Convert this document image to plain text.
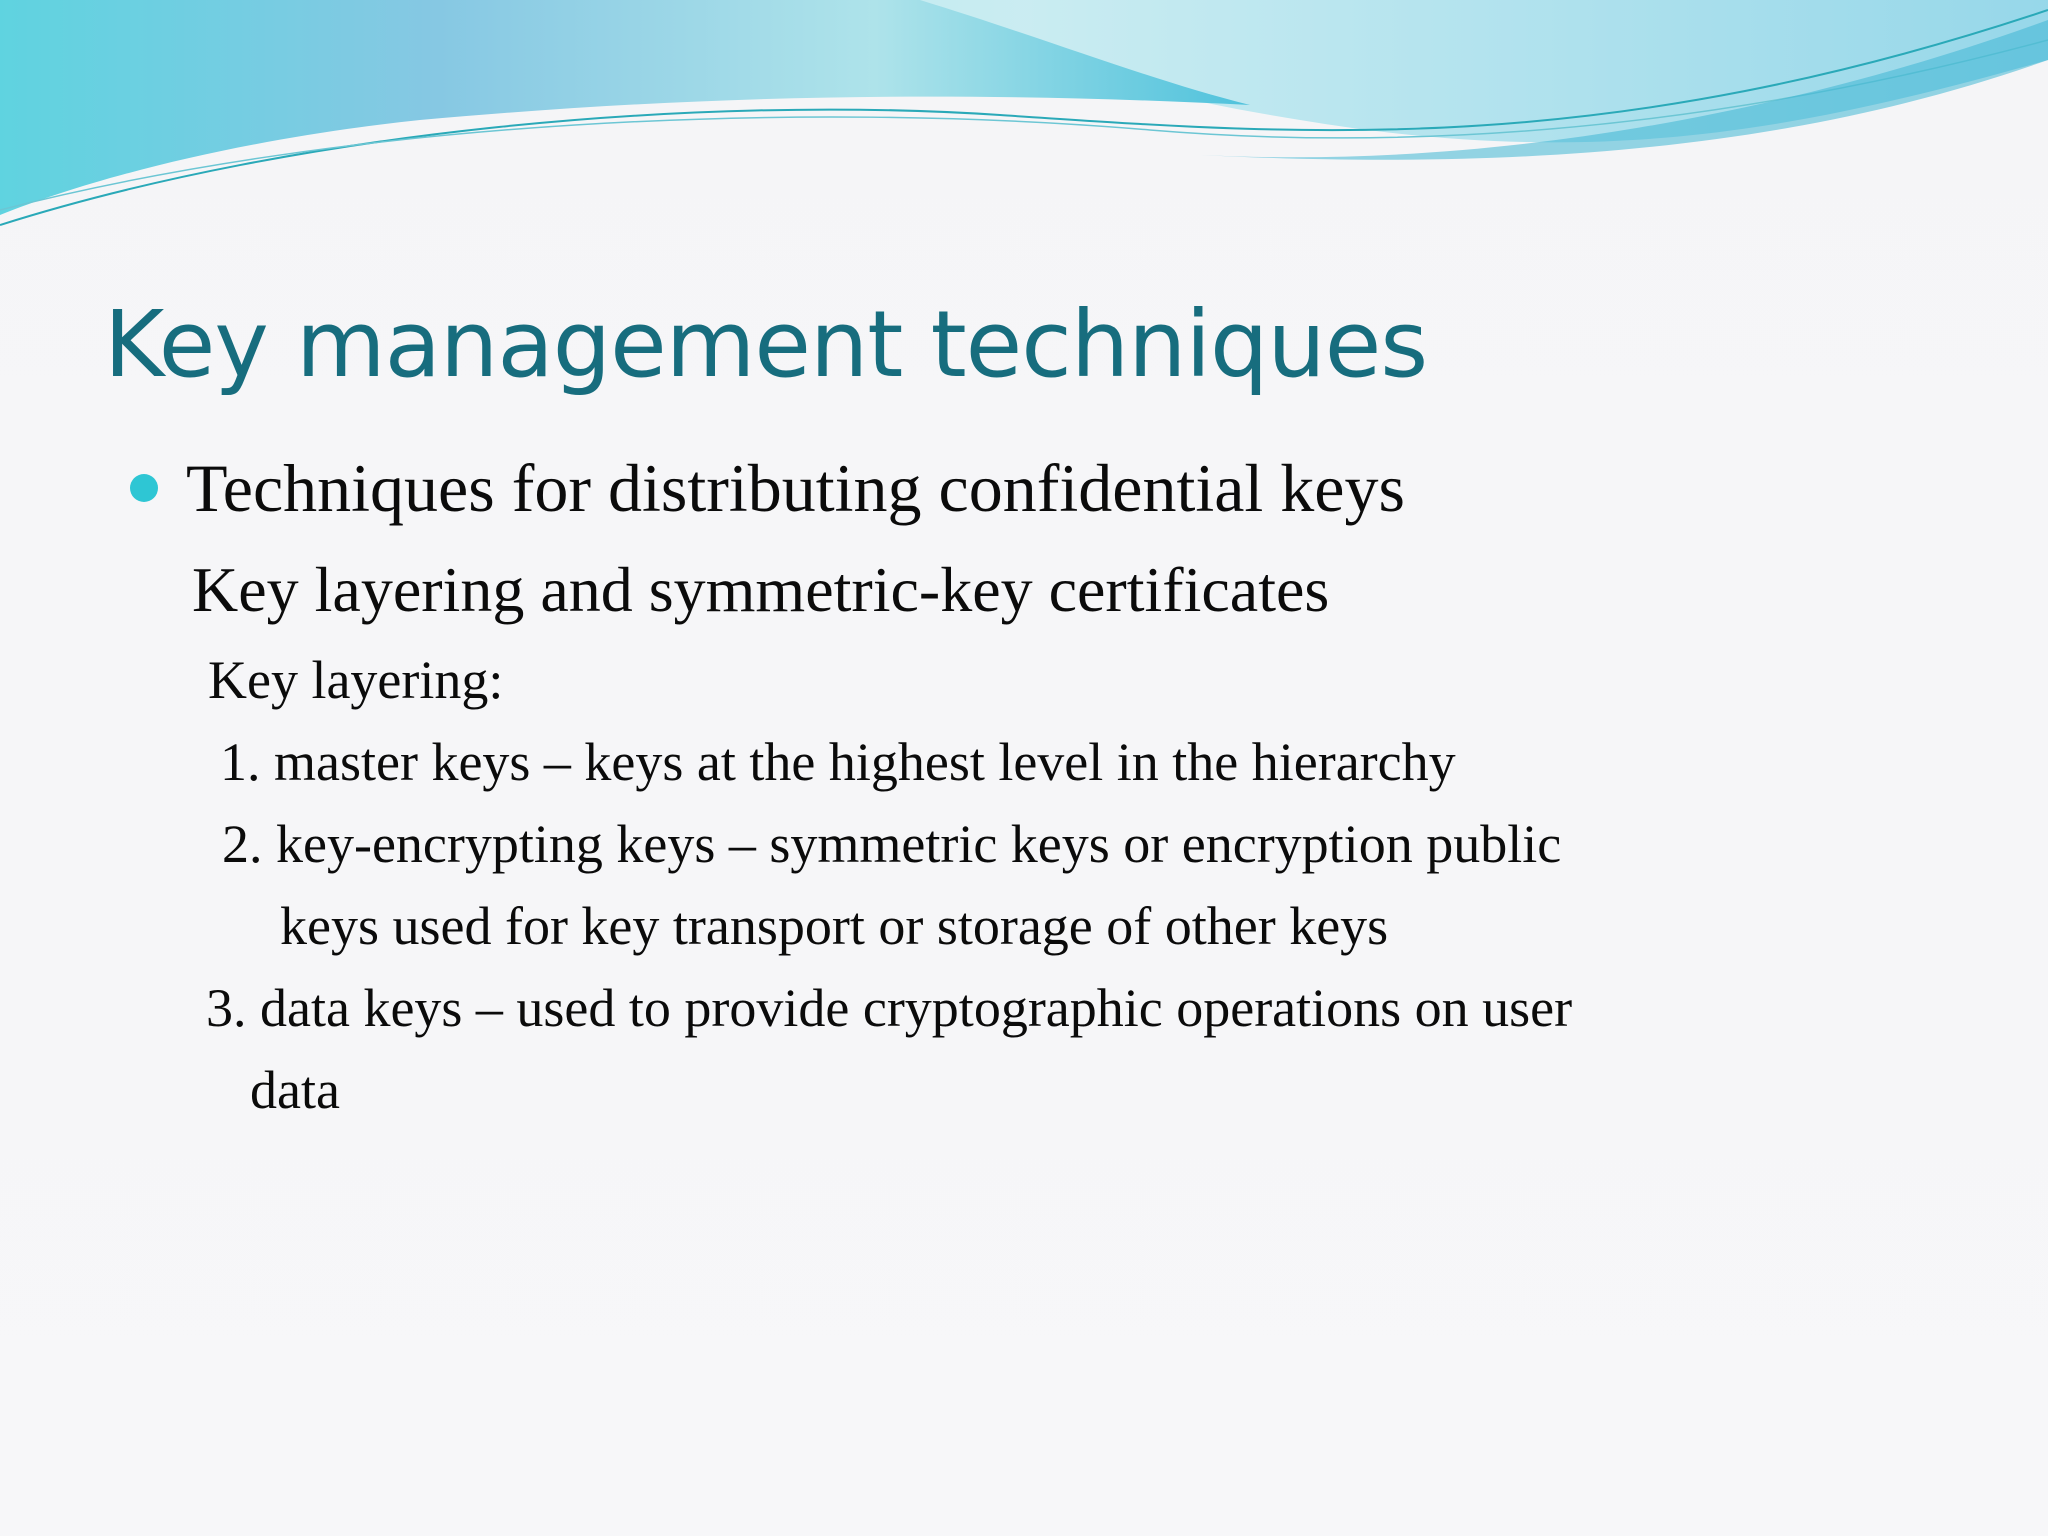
Key management techniques

Techniques for distributing confidential keys

Key layering and symmetric-key certificates

Key layering:

1. master keys – keys at the highest level in the hierarchy

2. key-encrypting keys – symmetric keys or encryption public

keys used for key transport or storage of other keys

3. data keys – used to provide cryptographic operations on user

data
